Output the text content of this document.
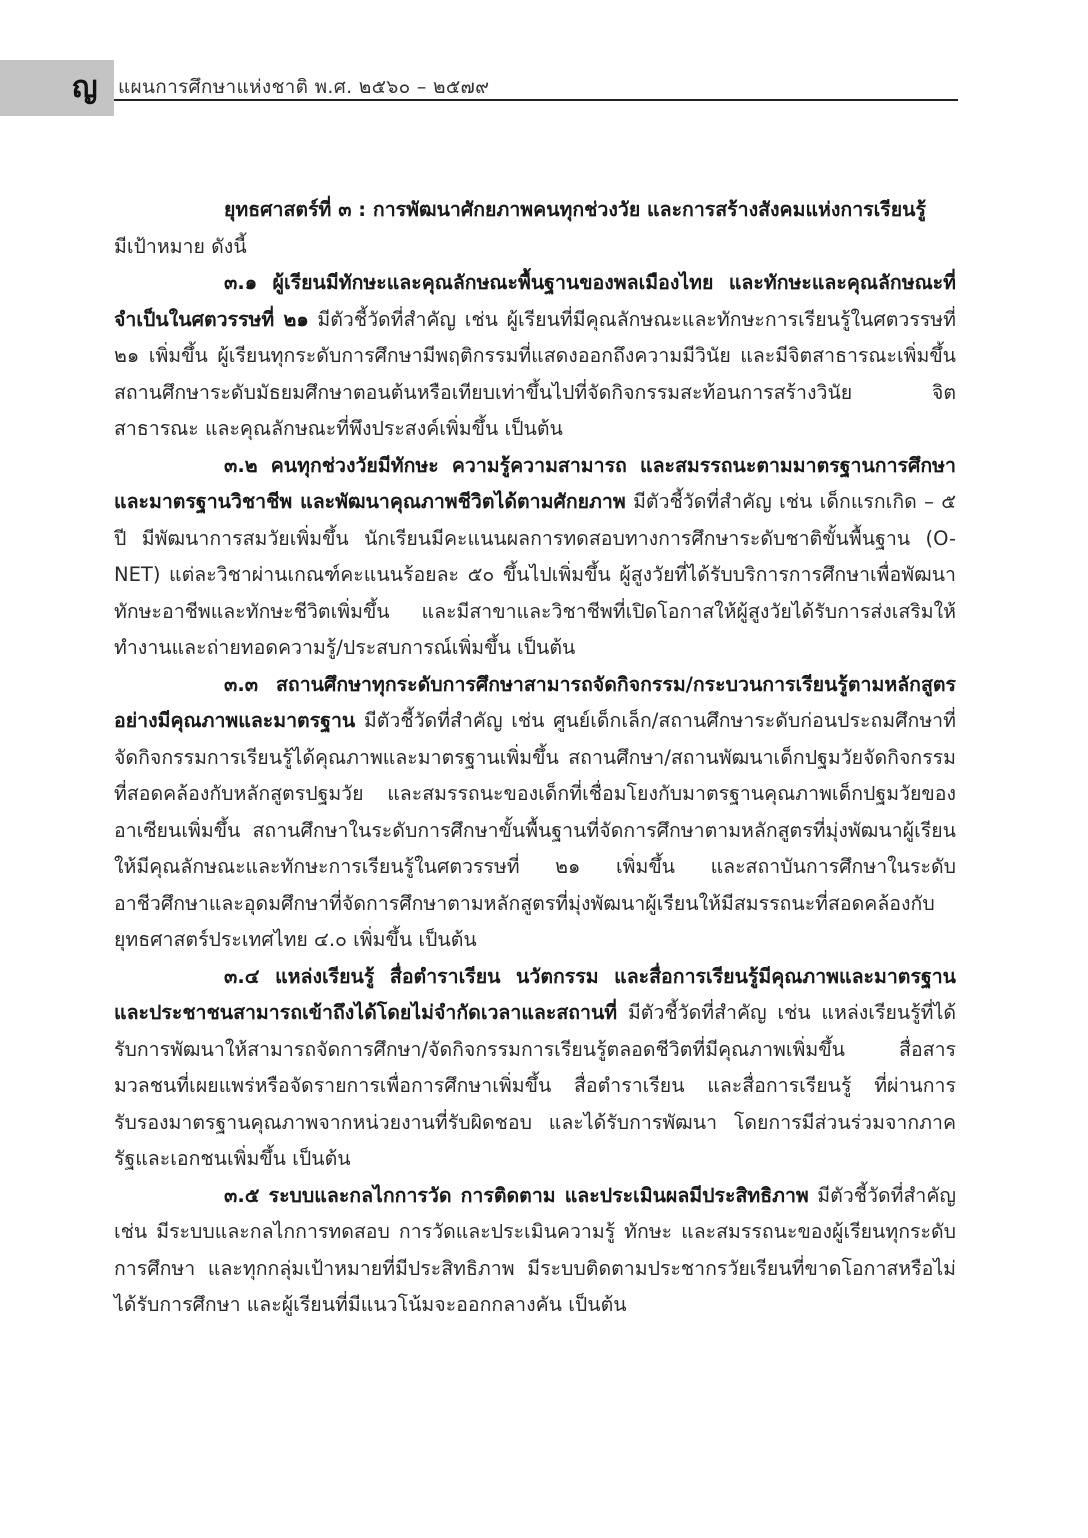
ญ แผนการศึกษาแห่งชาติ พ.ศ. ๒๕๖๐ – ๒๕๗๙

ยุทธศาสตร์ที่ ๓ : การพัฒนาศักยภาพคนทุกช่วงวัย และการสร้างสังคมแห่งการเรียนรู้

มีเป้าหมาย ดังนี้

๓.๑ ผู้เรียนมีทักษะและคุณลักษณะพื้นฐานของพลเมืองไทย และทักษะและคุณลักษณะที่จำเป็นในศตวรรษที่ ๒๑ มีตัวชี้วัดที่สำคัญ เช่น ผู้เรียนที่มีคุณลักษณะและทักษะการเรียนรู้ในศตวรรษที่ ๒๑ เพิ่มขึ้น ผู้เรียนทุกระดับการศึกษามีพฤติกรรมที่แสดงออกถึงความมีวินัย และมีจิตสาธารณะเพิ่มขึ้น สถานศึกษาระดับมัธยมศึกษาตอนต้นหรือเทียบเท่าขึ้นไปที่จัดกิจกรรมสะท้อนการสร้างวินัย จิตสาธารณะ และคุณลักษณะที่พึงประสงค์เพิ่มขึ้น เป็นต้น

๓.๒ คนทุกช่วงวัยมีทักษะ ความรู้ความสามารถ และสมรรถนะตามมาตรฐานการศึกษาและมาตรฐานวิชาชีพ และพัฒนาคุณภาพชีวิตได้ตามศักยภาพ มีตัวชี้วัดที่สำคัญ เช่น เด็กแรกเกิด – ๕ ปี มีพัฒนาการสมวัยเพิ่มขึ้น นักเรียนมีคะแนนผลการทดสอบทางการศึกษาระดับชาติขั้นพื้นฐาน (O-NET) แต่ละวิชาผ่านเกณฑ์คะแนนร้อยละ ๕๐ ขึ้นไปเพิ่มขึ้น ผู้สูงวัยที่ได้รับบริการการศึกษาเพื่อพัฒนาทักษะอาชีพและทักษะชีวิตเพิ่มขึ้น และมีสาขาและวิชาชีพที่เปิดโอกาสให้ผู้สูงวัยได้รับการส่งเสริมให้ทำงานและถ่ายทอดความรู้/ประสบการณ์เพิ่มขึ้น เป็นต้น

๓.๓ สถานศึกษาทุกระดับการศึกษาสามารถจัดกิจกรรม/กระบวนการเรียนรู้ตามหลักสูตรอย่างมีคุณภาพและมาตรฐาน มีตัวชี้วัดที่สำคัญ เช่น ศูนย์เด็กเล็ก/สถานศึกษาระดับก่อนประถมศึกษาที่จัดกิจกรรมการเรียนรู้ได้คุณภาพและมาตรฐานเพิ่มขึ้น สถานศึกษา/สถานพัฒนาเด็กปฐมวัยจัดกิจกรรมที่สอดคล้องกับหลักสูตรปฐมวัย และสมรรถนะของเด็กที่เชื่อมโยงกับมาตรฐานคุณภาพเด็กปฐมวัยของอาเซียนเพิ่มขึ้น สถานศึกษาในระดับการศึกษาขั้นพื้นฐานที่จัดการศึกษาตามหลักสูตรที่มุ่งพัฒนาผู้เรียนให้มีคุณลักษณะและทักษะการเรียนรู้ในศตวรรษที่ ๒๑ เพิ่มขึ้น และสถาบันการศึกษาในระดับอาชีวศึกษาและอุดมศึกษาที่จัดการศึกษาตามหลักสูตรที่มุ่งพัฒนาผู้เรียนให้มีสมรรถนะที่สอดคล้องกับยุทธศาสตร์ประเทศไทย ๔.๐ เพิ่มขึ้น เป็นต้น

๓.๔ แหล่งเรียนรู้ สื่อตำราเรียน นวัตกรรม และสื่อการเรียนรู้มีคุณภาพและมาตรฐาน และประชาชนสามารถเข้าถึงได้โดยไม่จำกัดเวลาและสถานที่ มีตัวชี้วัดที่สำคัญ เช่น แหล่งเรียนรู้ที่ได้รับการพัฒนาให้สามารถจัดการศึกษา/จัดกิจกรรมการเรียนรู้ตลอดชีวิตที่มีคุณภาพเพิ่มขึ้น สื่อสารมวลชนที่เผยแพร่หรือจัดรายการเพื่อการศึกษาเพิ่มขึ้น สื่อตำราเรียน และสื่อการเรียนรู้ ที่ผ่านการรับรองมาตรฐานคุณภาพจากหน่วยงานที่รับผิดชอบ และได้รับการพัฒนา โดยการมีส่วนร่วมจากภาครัฐและเอกชนเพิ่มขึ้น เป็นต้น

๓.๕ ระบบและกลไกการวัด การติดตาม และประเมินผลมีประสิทธิภาพ มีตัวชี้วัดที่สำคัญ เช่น มีระบบและกลไกการทดสอบ การวัดและประเมินความรู้ ทักษะ และสมรรถนะของผู้เรียนทุกระดับการศึกษา และทุกกลุ่มเป้าหมายที่มีประสิทธิภาพ มีระบบติดตามประชากรวัยเรียนที่ขาดโอกาสหรือไม่ได้รับการศึกษา และผู้เรียนที่มีแนวโน้มจะออกกลางคัน เป็นต้น
